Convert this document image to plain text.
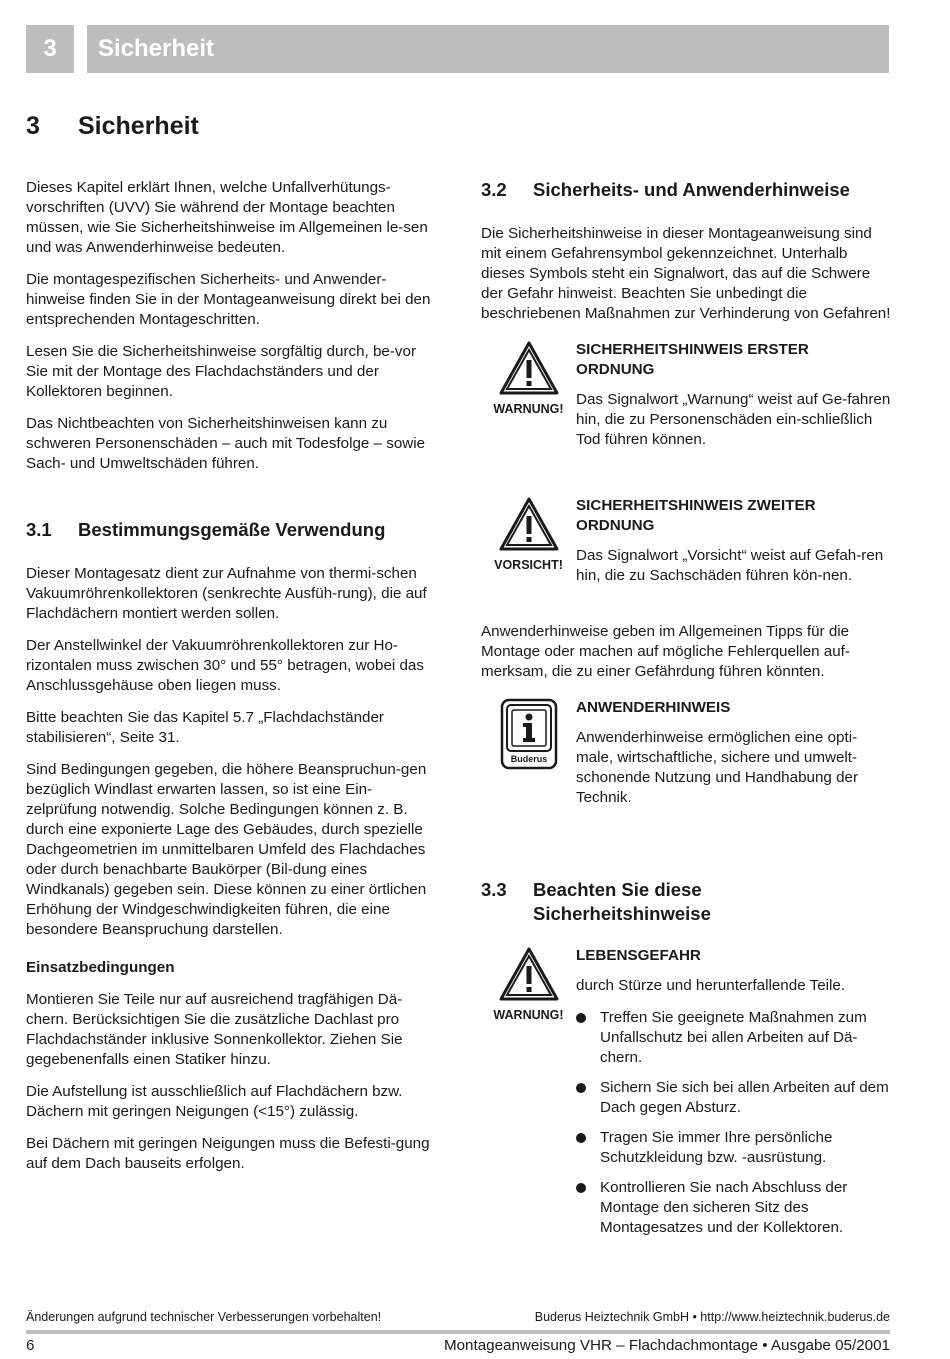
3	Sicherheit
3 Sicherheit

Dieses Kapitel erklärt Ihnen, welche Unfallverhütungs-vorschriften (UVV) Sie während der Montage beachten müssen, wie Sie Sicherheitshinweise im Allgemeinen le-sen und was Anwenderhinweise bedeuten.

Die montagespezifischen Sicherheits- und Anwender-hinweise finden Sie in der Montageanweisung direkt bei den entsprechenden Montageschritten.

Lesen Sie die Sicherheitshinweise sorgfältig durch, be-vor Sie mit der Montage des Flachdachständers und der Kollektoren beginnen.

Das Nichtbeachten von Sicherheitshinweisen kann zu schweren Personenschäden – auch mit Todesfolge – sowie Sach- und Umweltschäden führen.

3.1 Bestimmungsgemäße Verwendung

Dieser Montagesatz dient zur Aufnahme von thermi-schen Vakuumröhrenkollektoren (senkrechte Ausfüh-rung), die auf Flachdächern montiert werden sollen.

Der Anstellwinkel der Vakuumröhrenkollektoren zur Ho-rizontalen muss zwischen 30° und 55° betragen, wobei das Anschlussgehäuse oben liegen muss.

Bitte beachten Sie das Kapitel 5.7 „Flachdachständer stabilisieren“, Seite 31.

Sind Bedingungen gegeben, die höhere Beanspruchun-gen bezüglich Windlast erwarten lassen, so ist eine Ein-zelprüfung notwendig. Solche Bedingungen können z. B. durch eine exponierte Lage des Gebäudes, durch spezielle Dachgeometrien im unmittelbaren Umfeld des Flachdaches oder durch benachbarte Baukörper (Bil-dung eines Windkanals) gegeben sein. Diese können zu einer örtlichen Erhöhung der Windgeschwindigkeiten führen, die eine besondere Beanspruchung darstellen.

Einsatzbedingungen

Montieren Sie Teile nur auf ausreichend tragfähigen Dä-chern. Berücksichtigen Sie die zusätzliche Dachlast pro Flachdachständer inklusive Sonnenkollektor. Ziehen Sie gegebenenfalls einen Statiker hinzu.

Die Aufstellung ist ausschließlich auf Flachdächern bzw. Dächern mit geringen Neigungen (<15°) zulässig.

Bei Dächern mit geringen Neigungen muss die Befesti-gung auf dem Dach bauseits erfolgen.

3.2 Sicherheits- und Anwenderhinweise

Die Sicherheitshinweise in dieser Montageanweisung sind mit einem Gefahrensymbol gekennzeichnet. Unterhalb dieses Symbols steht ein Signalwort, das auf die Schwere der Gefahr hinweist. Beachten Sie unbedingt die beschriebenen Maßnahmen zur Verhinderung von Gefahren!

WARNUNG!
SICHERHEITSHINWEIS ERSTER ORDNUNG

Das Signalwort „Warnung“ weist auf Ge-fahren hin, die zu Personenschäden ein-schließlich Tod führen können.

VORSICHT!
SICHERHEITSHINWEIS ZWEITER ORDNUNG

Das Signalwort „Vorsicht“ weist auf Gefah-ren hin, die zu Sachschäden führen kön-nen.

Anwenderhinweise geben im Allgemeinen Tipps für die Montage oder machen auf mögliche Fehlerquellen auf-merksam, die zu einer Gefährdung führen könnten.

Buderus
ANWENDERHINWEIS

Anwenderhinweise ermöglichen eine opti-male, wirtschaftliche, sichere und umwelt-schonende Nutzung und Handhabung der Technik.

3.3 Beachten Sie diese
Sicherheitshinweise
WARNUNG!
LEBENSGEFAHR

durch Stürze und herunterfallende Teile.

Treffen Sie geeignete Maßnahmen zum Unfallschutz bei allen Arbeiten auf Dä-chern.
Sichern Sie sich bei allen Arbeiten auf dem Dach gegen Absturz.
Tragen Sie immer Ihre persönliche Schutzkleidung bzw. -ausrüstung.
Kontrollieren Sie nach Abschluss der Montage den sicheren Sitz des Montagesatzes und der Kollektoren.
Änderungen aufgrund technischer Verbesserungen vorbehalten!	Buderus Heiztechnik GmbH • http://www.heiztechnik.buderus.de
6	Montageanweisung VHR – Flachdachmontage • Ausgabe 05/2001
